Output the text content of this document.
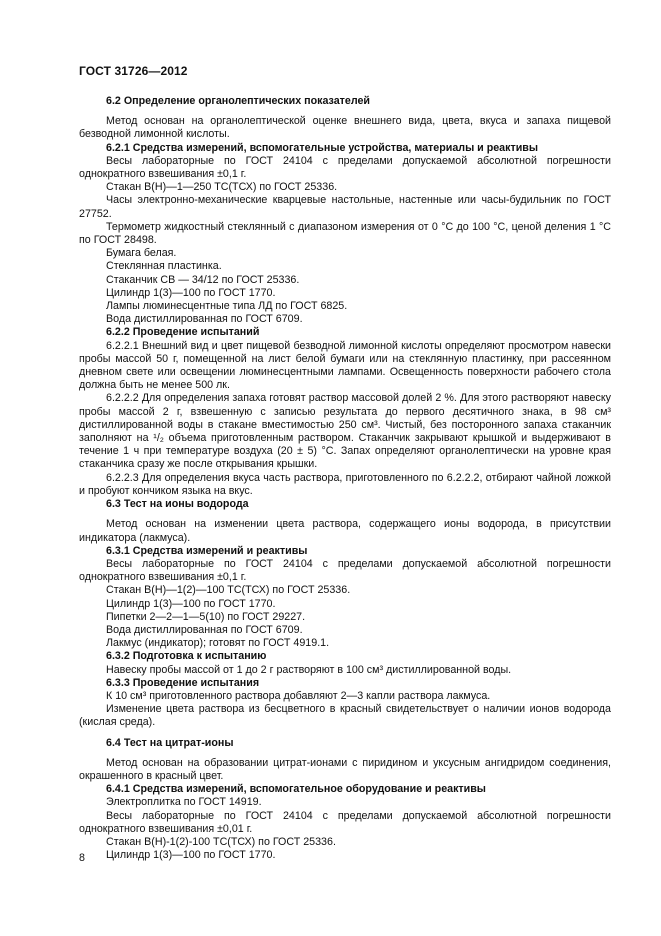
ГОСТ 31726—2012

6.2 Определение органолептических показателей

Метод основан на органолептической оценке внешнего вида, цвета, вкуса и запаха пищевой безводной лимонной кислоты.

6.2.1 Средства измерений, вспомогательные устройства, материалы и реактивы

Весы лабораторные по ГОСТ 24104 с пределами допускаемой абсолютной погрешности однократного взвешивания ±0,1 г.

Стакан В(Н)—1—250 ТС(ТСХ) по ГОСТ 25336.

Часы электронно-механические кварцевые настольные, настенные или часы-будильник по ГОСТ 27752.

Термометр жидкостный стеклянный с диапазоном измерения от 0 °С до 100 °С, ценой деления 1 °С по ГОСТ 28498.

Бумага белая.

Стеклянная пластинка.

Стаканчик СВ — 34/12 по ГОСТ 25336.

Цилиндр 1(3)—100 по ГОСТ 1770.

Лампы люминесцентные типа ЛД по ГОСТ 6825.

Вода дистиллированная по ГОСТ 6709.

6.2.2 Проведение испытаний

6.2.2.1 Внешний вид и цвет пищевой безводной лимонной кислоты определяют просмотром навески пробы массой 50 г, помещенной на лист белой бумаги или на стеклянную пластинку, при рассеянном дневном свете или освещении люминесцентными лампами. Освещенность поверхности рабочего стола должна быть не менее 500 лк.

6.2.2.2 Для определения запаха готовят раствор массовой долей 2 %. Для этого растворяют навеску пробы массой 2 г, взвешенную с записью результата до первого десятичного знака, в 98 см³ дистиллированной воды в стакане вместимостью 250 см³. Чистый, без посторонного запаха стаканчик заполняют на ¹/₂ объема приготовленным раствором. Стаканчик закрывают крышкой и выдерживают в течение 1 ч при температуре воздуха (20 ± 5) °С. Запах определяют органолептически на уровне края стаканчика сразу же после открывания крышки.

6.2.2.3 Для определения вкуса часть раствора, приготовленного по 6.2.2.2, отбирают чайной ложкой и пробуют кончиком языка на вкус.

6.3 Тест на ионы водорода

Метод основан на изменении цвета раствора, содержащего ионы водорода, в присутствии индикатора (лакмуса).

6.3.1 Средства измерений и реактивы

Весы лабораторные по ГОСТ 24104 с пределами допускаемой абсолютной погрешности однократного взвешивания ±0,1 г.

Стакан В(Н)—1(2)—100 ТС(ТСХ) по ГОСТ 25336.

Цилиндр 1(3)—100 по ГОСТ 1770.

Пипетки 2—2—1—5(10) по ГОСТ 29227.

Вода дистиллированная по ГОСТ 6709.

Лакмус (индикатор); готовят по ГОСТ 4919.1.

6.3.2 Подготовка к испытанию

Навеску пробы массой от 1 до 2 г растворяют в 100 см³ дистиллированной воды.

6.3.3 Проведение испытания

К 10 см³ приготовленного раствора добавляют 2—3 капли раствора лакмуса.

Изменение цвета раствора из бесцветного в красный свидетельствует о наличии ионов водорода (кислая среда).

6.4 Тест на цитрат-ионы

Метод основан на образовании цитрат-ионами с пиридином и уксусным ангидридом соединения, окрашенного в красный цвет.

6.4.1 Средства измерений, вспомогательное оборудование и реактивы

Электроплитка по ГОСТ 14919.

Весы лабораторные по ГОСТ 24104 с пределами допускаемой абсолютной погрешности однократного взвешивания ±0,01 г.

Стакан В(Н)-1(2)-100 ТС(ТСХ) по ГОСТ 25336.

Цилиндр 1(3)—100 по ГОСТ 1770.

8
